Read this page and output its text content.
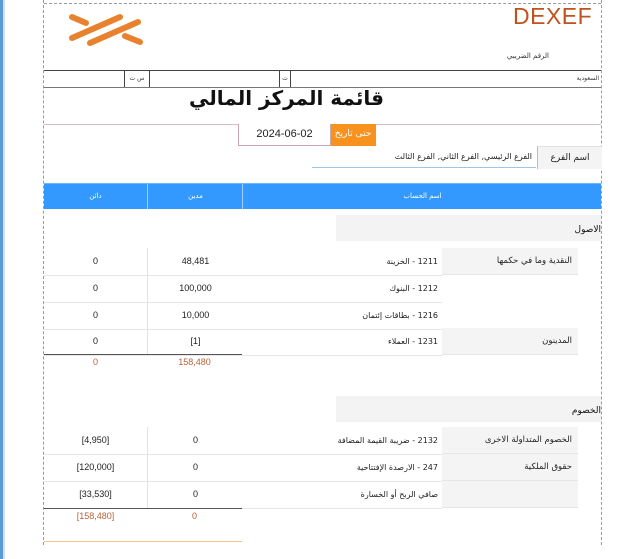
DEXEF
الرقم الضريبي
السعودية
ت
س ت
قائمة المركز المالي
حتى تاريخ
2024-06-02
اسم الفرع
الفرع الرئيسي, الفرع الثاني, الفرع الثالث
دائن	مدين	اسم الحساب
الاصول
النقدية وما في حكمها
0	48,481	1211 - الخزينة
0	100,000	1212 - البنوك
0	10,000	1216 - بطاقات إئتمان
المدينون
0	[1]	1231 - العملاء
0	158,480
الخصوم
الخصوم المتداولة الاخرى
[4,950]	0	2132 - ضريبة القيمة المضافة
حقوق الملكية
[120,000]	0	247 - الارصدة الإفتتاحية
[33,530]	0	صافي الربح أو الخسارة
[158,480]	0
